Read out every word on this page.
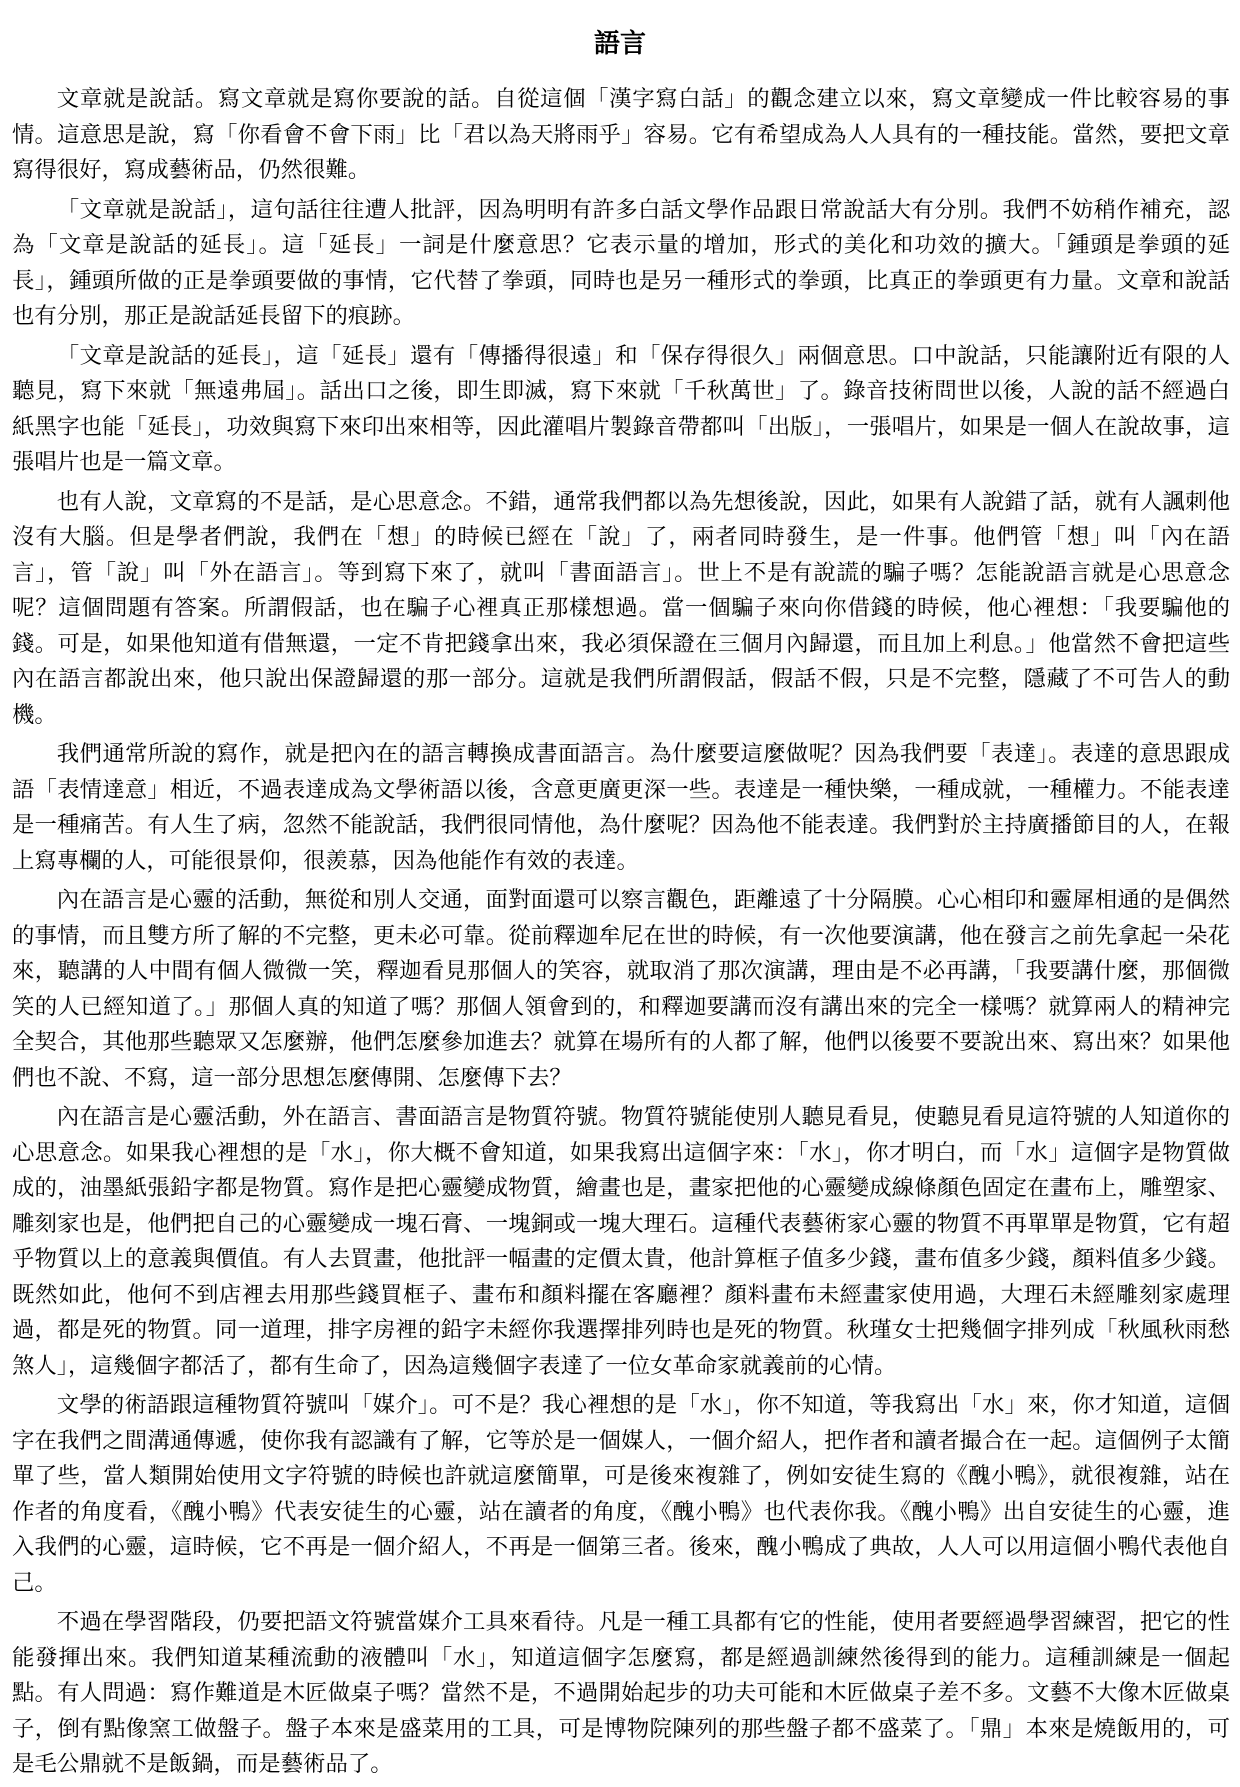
語言

文章就是說話。寫文章就是寫你要說的話。自從這個「漢字寫白話」的觀念建立以來，寫文章變成一件比較容易的事情。這意思是說，寫「你看會不會下雨」比「君以為天將雨乎」容易。它有希望成為人人具有的一種技能。當然，要把文章寫得很好，寫成藝術品，仍然很難。

「文章就是說話」，這句話往往遭人批評，因為明明有許多白話文學作品跟日常說話大有分別。我們不妨稍作補充，認為「文章是說話的延長」。這「延長」一詞是什麼意思？它表示量的增加，形式的美化和功效的擴大。「鍾頭是拳頭的延長」，鍾頭所做的正是拳頭要做的事情，它代替了拳頭，同時也是另一種形式的拳頭，比真正的拳頭更有力量。文章和說話也有分別，那正是說話延長留下的痕跡。

「文章是說話的延長」，這「延長」還有「傳播得很遠」和「保存得很久」兩個意思。口中說話，只能讓附近有限的人聽見，寫下來就「無遠弗屆」。話出口之後，即生即滅，寫下來就「千秋萬世」了。錄音技術問世以後，人說的話不經過白紙黑字也能「延長」，功效與寫下來印出來相等，因此灌唱片製錄音帶都叫「出版」，一張唱片，如果是一個人在說故事，這張唱片也是一篇文章。

也有人說，文章寫的不是話，是心思意念。不錯，通常我們都以為先想後說，因此，如果有人說錯了話，就有人諷刺他沒有大腦。但是學者們說，我們在「想」的時候已經在「說」了，兩者同時發生，是一件事。他們管「想」叫「內在語言」，管「說」叫「外在語言」。等到寫下來了，就叫「書面語言」。世上不是有說謊的騙子嗎？怎能說語言就是心思意念呢？這個問題有答案。所謂假話，也在騙子心裡真正那樣想過。當一個騙子來向你借錢的時候，他心裡想：「我要騙他的錢。可是，如果他知道有借無還，一定不肯把錢拿出來，我必須保證在三個月內歸還，而且加上利息。」他當然不會把這些內在語言都說出來，他只說出保證歸還的那一部分。這就是我們所謂假話，假話不假，只是不完整，隱藏了不可告人的動機。

我們通常所說的寫作，就是把內在的語言轉換成書面語言。為什麼要這麼做呢？因為我們要「表達」。表達的意思跟成語「表情達意」相近，不過表達成為文學術語以後，含意更廣更深一些。表達是一種快樂，一種成就，一種權力。不能表達是一種痛苦。有人生了病，忽然不能說話，我們很同情他，為什麼呢？因為他不能表達。我們對於主持廣播節目的人，在報上寫專欄的人，可能很景仰，很羨慕，因為他能作有效的表達。

內在語言是心靈的活動，無從和別人交通，面對面還可以察言觀色，距離遠了十分隔膜。心心相印和靈犀相通的是偶然的事情，而且雙方所了解的不完整，更未必可靠。從前釋迦牟尼在世的時候，有一次他要演講，他在發言之前先拿起一朵花來，聽講的人中間有個人微微一笑，釋迦看見那個人的笑容，就取消了那次演講，理由是不必再講，「我要講什麼，那個微笑的人已經知道了。」那個人真的知道了嗎？那個人領會到的，和釋迦要講而沒有講出來的完全一樣嗎？就算兩人的精神完全契合，其他那些聽眾又怎麼辦，他們怎麼參加進去？就算在場所有的人都了解，他們以後要不要說出來、寫出來？如果他們也不說、不寫，這一部分思想怎麼傳開、怎麼傳下去？

內在語言是心靈活動，外在語言、書面語言是物質符號。物質符號能使別人聽見看見，使聽見看見這符號的人知道你的心思意念。如果我心裡想的是「水」，你大概不會知道，如果我寫出這個字來：「水」，你才明白，而「水」這個字是物質做成的，油墨紙張鉛字都是物質。寫作是把心靈變成物質，繪畫也是，畫家把他的心靈變成線條顏色固定在畫布上，雕塑家、雕刻家也是，他們把自己的心靈變成一塊石膏、一塊銅或一塊大理石。這種代表藝術家心靈的物質不再單單是物質，它有超乎物質以上的意義與價值。有人去買畫，他批評一幅畫的定價太貴，他計算框子值多少錢，畫布值多少錢，顏料值多少錢。既然如此，他何不到店裡去用那些錢買框子、畫布和顏料擺在客廳裡？顏料畫布未經畫家使用過，大理石未經雕刻家處理過，都是死的物質。同一道理，排字房裡的鉛字未經你我選擇排列時也是死的物質。秋瑾女士把幾個字排列成「秋風秋雨愁煞人」，這幾個字都活了，都有生命了，因為這幾個字表達了一位女革命家就義前的心情。

文學的術語跟這種物質符號叫「媒介」。可不是？我心裡想的是「水」，你不知道，等我寫出「水」來，你才知道，這個字在我們之間溝通傳遞，使你我有認識有了解，它等於是一個媒人，一個介紹人，把作者和讀者撮合在一起。這個例子太簡單了些，當人類開始使用文字符號的時候也許就這麼簡單，可是後來複雜了，例如安徒生寫的《醜小鴨》，就很複雜，站在作者的角度看，《醜小鴨》代表安徒生的心靈，站在讀者的角度，《醜小鴨》也代表你我。《醜小鴨》出自安徒生的心靈，進入我們的心靈，這時候，它不再是一個介紹人，不再是一個第三者。後來，醜小鴨成了典故，人人可以用這個小鴨代表他自己。

不過在學習階段，仍要把語文符號當媒介工具來看待。凡是一種工具都有它的性能，使用者要經過學習練習，把它的性能發揮出來。我們知道某種流動的液體叫「水」，知道這個字怎麼寫，都是經過訓練然後得到的能力。這種訓練是一個起點。有人問過：寫作難道是木匠做桌子嗎？當然不是，不過開始起步的功夫可能和木匠做桌子差不多。文藝不大像木匠做桌子，倒有點像窯工做盤子。盤子本來是盛菜用的工具，可是博物院陳列的那些盤子都不盛菜了。「鼎」本來是燒飯用的，可是毛公鼎就不是飯鍋，而是藝術品了。
